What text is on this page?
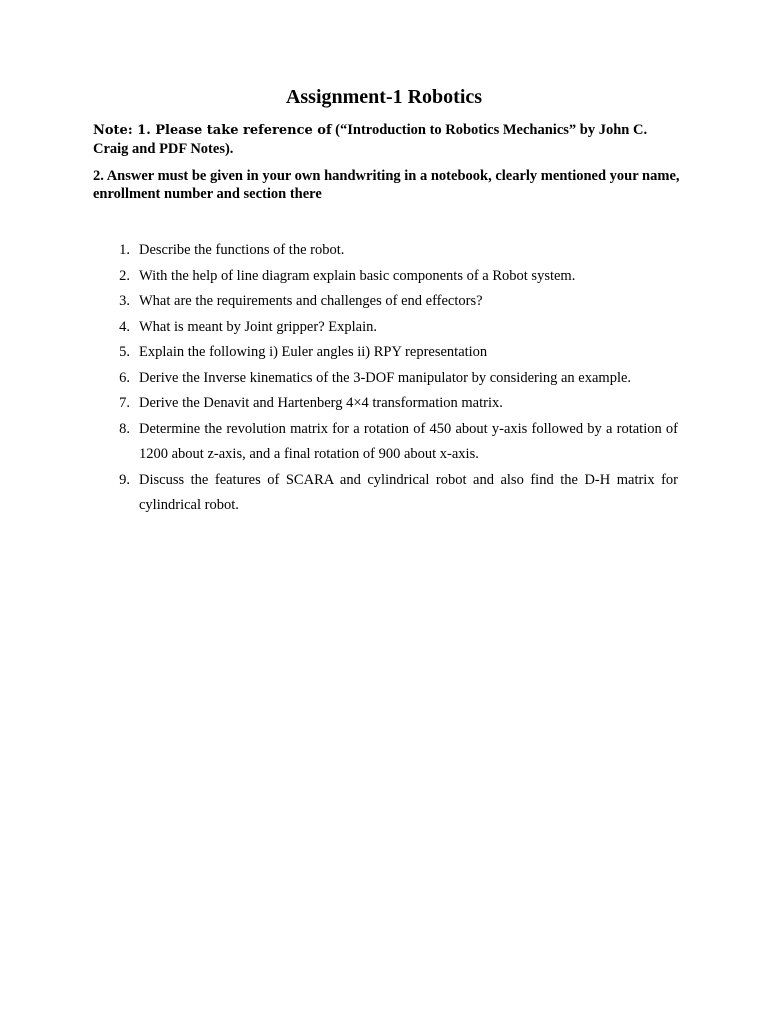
Assignment-1 Robotics
Note: 1. Please take reference of (“Introduction to Robotics Mechanics” by John C. Craig and PDF Notes).
2. Answer must be given in your own handwriting in a notebook, clearly mentioned your name, enrollment number and section there
1. Describe the functions of the robot.
2. With the help of line diagram explain basic components of a Robot system.
3. What are the requirements and challenges of end effectors?
4. What is meant by Joint gripper? Explain.
5. Explain the following i) Euler angles ii) RPY representation
6. Derive the Inverse kinematics of the 3-DOF manipulator by considering an example.
7. Derive the Denavit and Hartenberg 4×4 transformation matrix.
8. Determine the revolution matrix for a rotation of 450 about y-axis followed by a rotation of 1200 about z-axis, and a final rotation of 900 about x-axis.
9. Discuss the features of SCARA and cylindrical robot and also find the D-H matrix for cylindrical robot.
